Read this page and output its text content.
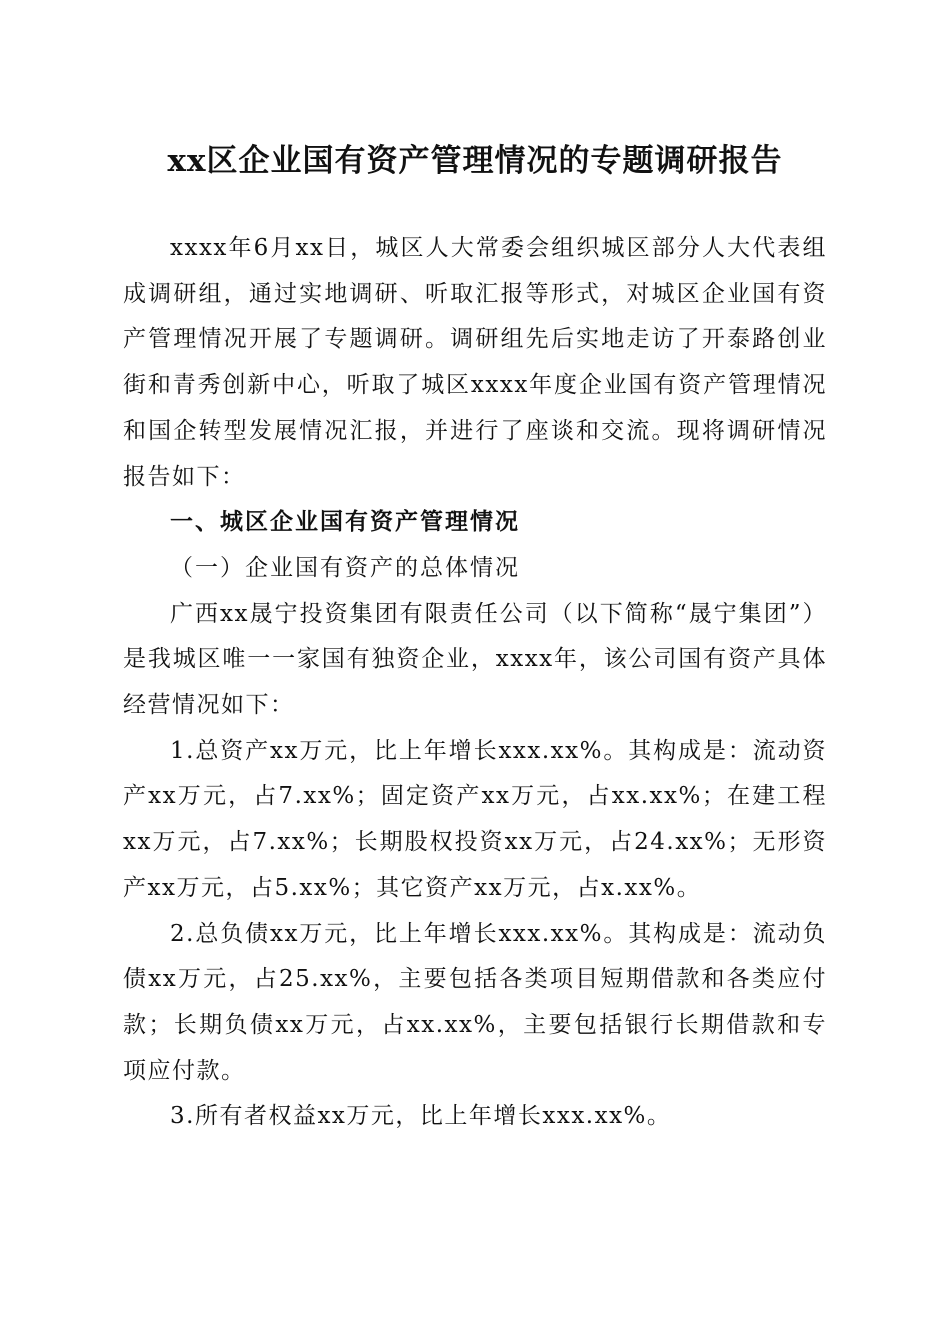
xx区企业国有资产管理情况的专题调研报告

xxxx年6月xx日，城区人大常委会组织城区部分人大代表组成调研组，通过实地调研、听取汇报等形式，对城区企业国有资产管理情况开展了专题调研。调研组先后实地走访了开泰路创业街和青秀创新中心，听取了城区xxxx年度企业国有资产管理情况和国企转型发展情况汇报，并进行了座谈和交流。现将调研情况报告如下：

一、城区企业国有资产管理情况

（一）企业国有资产的总体情况

广西xx晟宁投资集团有限责任公司（以下简称“晟宁集团”）是我城区唯一一家国有独资企业，xxxx年，该公司国有资产具体经营情况如下：

1.总资产xx万元，比上年增长xxx.xx%。其构成是：流动资产xx万元，占7.xx%；固定资产xx万元，占xx.xx%；在建工程xx万元，占7.xx%；长期股权投资xx万元，占24.xx%；无形资产xx万元，占5.xx%；其它资产xx万元，占x.xx%。

2.总负债xx万元，比上年增长xxx.xx%。其构成是：流动负债xx万元，占25.xx%，主要包括各类项目短期借款和各类应付款；长期负债xx万元，占xx.xx%，主要包括银行长期借款和专项应付款。

3.所有者权益xx万元，比上年增长xxx.xx%。
